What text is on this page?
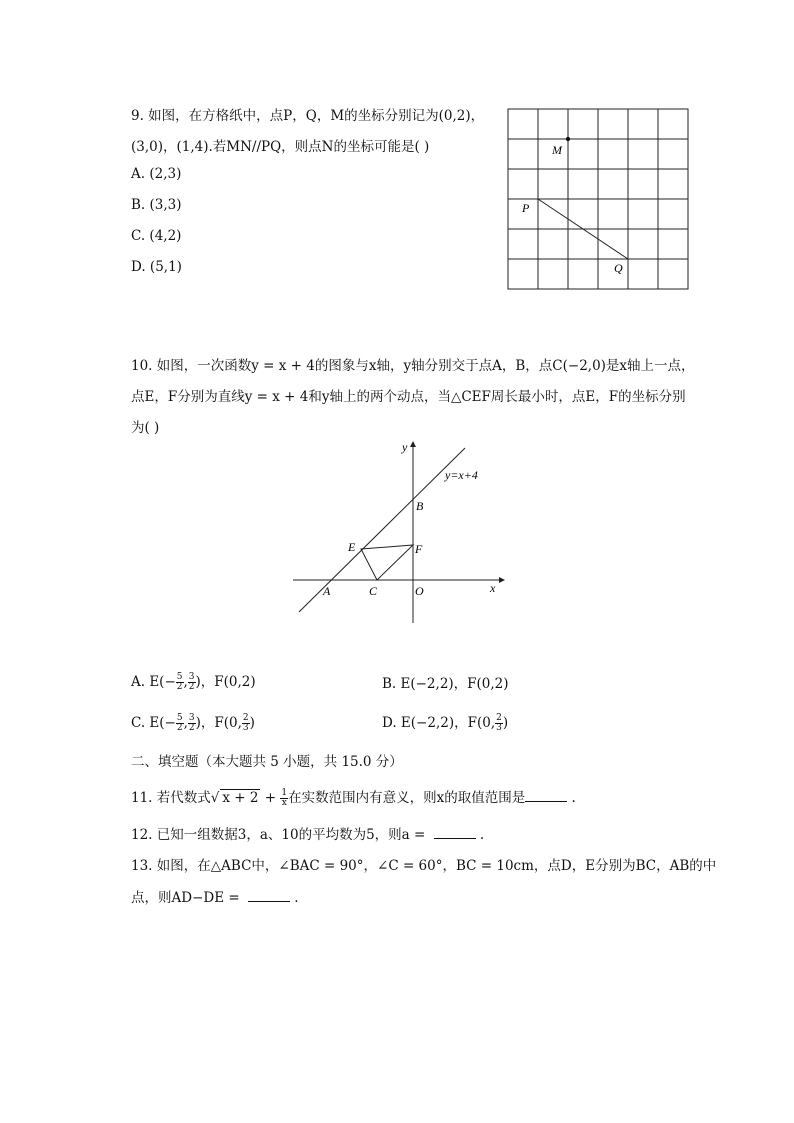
9. 如图，在方格纸中，点P，Q，M的坐标分别记为(0,2)，
(3,0)，(1,4).若MN//PQ，则点N的坐标可能是( )
A. (2,3)
B. (3,3)
C. (4,2)
D. (5,1)
M
P
Q
10. 如图，一次函数y = x + 4的图象与x轴，y轴分别交于点A，B，点C(−2,0)是x轴上一点，
点E，F分别为直线y = x + 4和y轴上的两个动点，当△CEF周长最小时，点E，F的坐标分别
为( )
y
x
y=x+4
B
E	F
A	C	O
A. $E(- \frac{5}{2}$ , $\frac{3}{2}$ )，F(0,2)	B. E(−2,2)，F(0,2)
C. $E(- \frac{5}{2}$ , $\frac{3}{2}$ )，F(0, $\frac{2}{3}$ )	D. E(−2,2)，F(0, $\frac{2}{3}$ )
二、填空题（本大题共 5 小题，共 15.0 分）
11. 若代数式√ $x + 2 + \frac{1}{x}$ 在实数范围内有意义，则x的取值范围是	.
12. 已知一组数据3，a、10的平均数为5，则a =	.
13. 如图，在△ABC中，∠BAC = 90°，∠C = 60°，BC = 10cm，点D，E分别为BC，AB的中
点，则AD−DE =	.
